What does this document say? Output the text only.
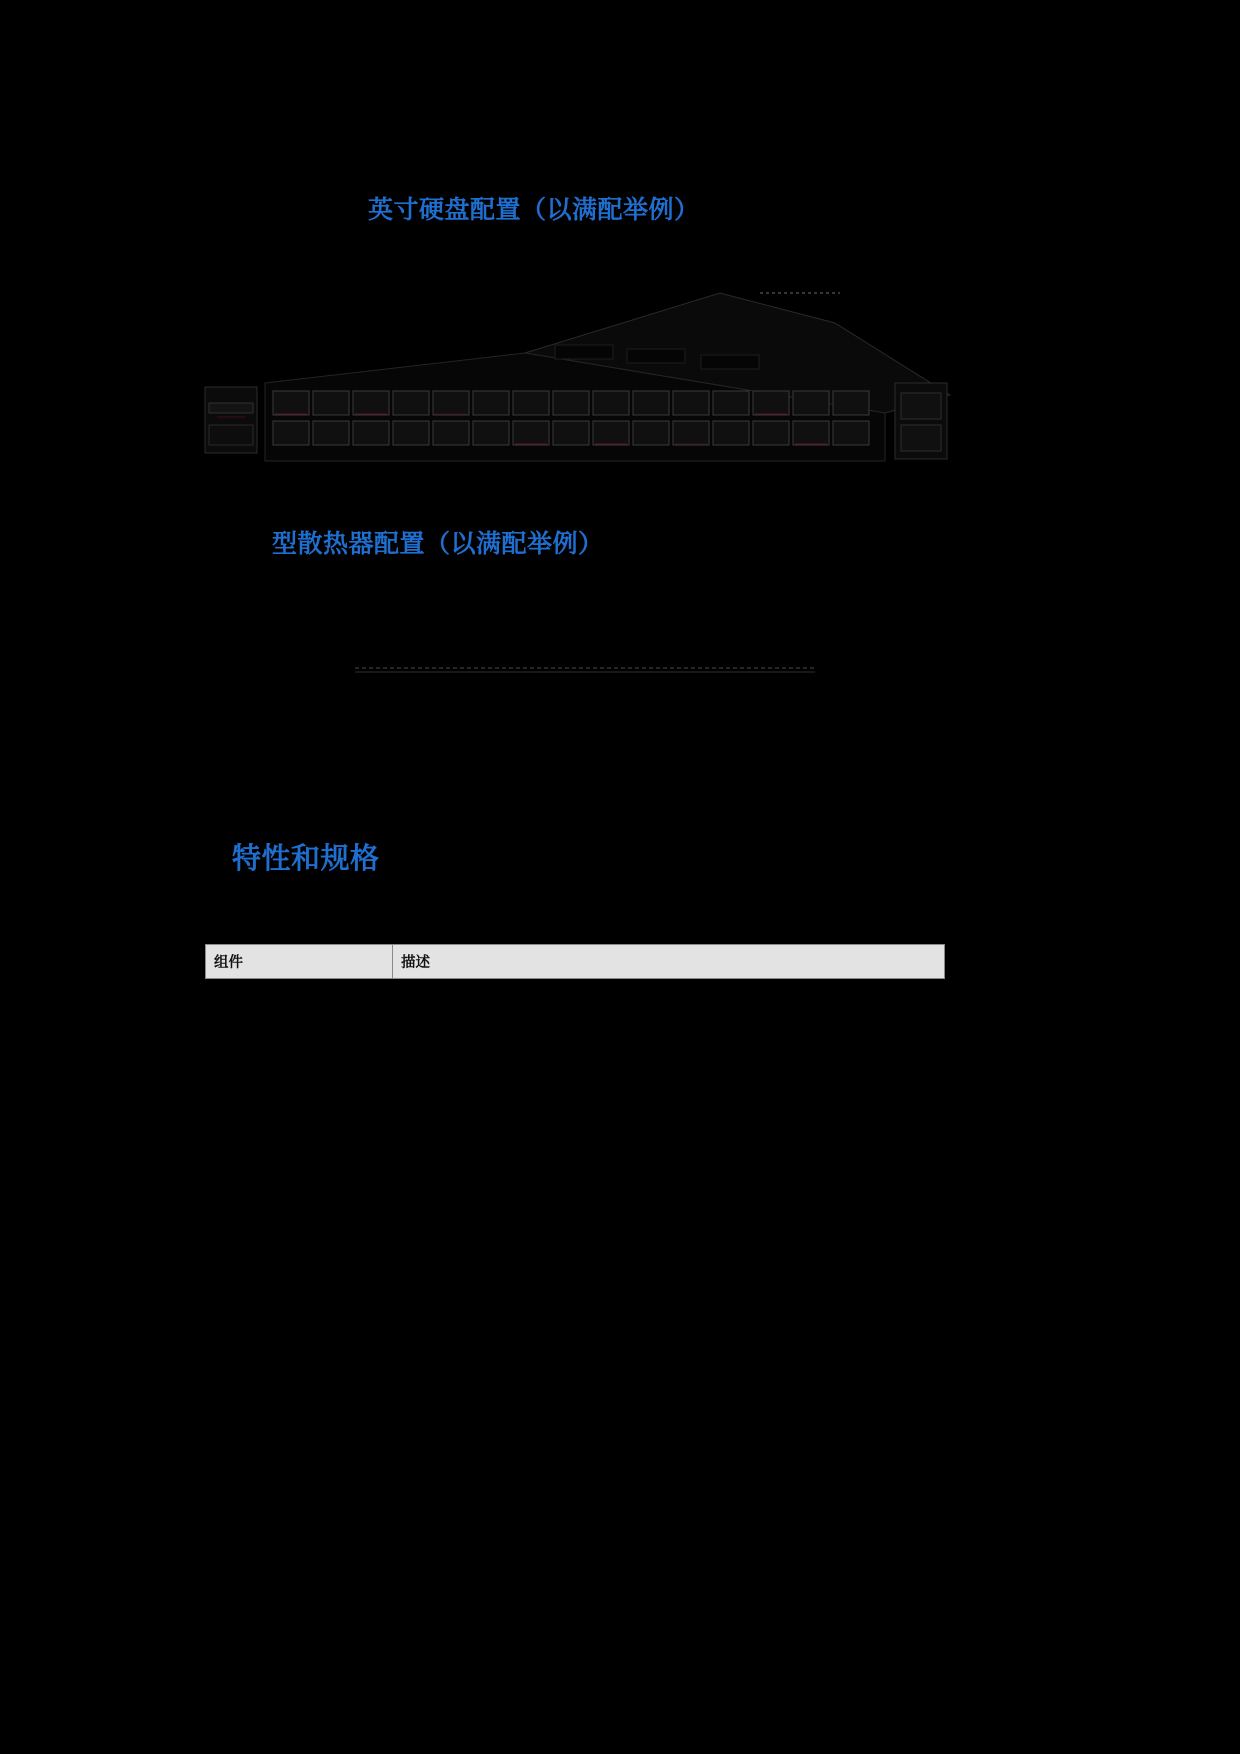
英寸硬盘配置（以满配举例）
型散热器配置（以满配举例）
特性和规格
组件	描述
